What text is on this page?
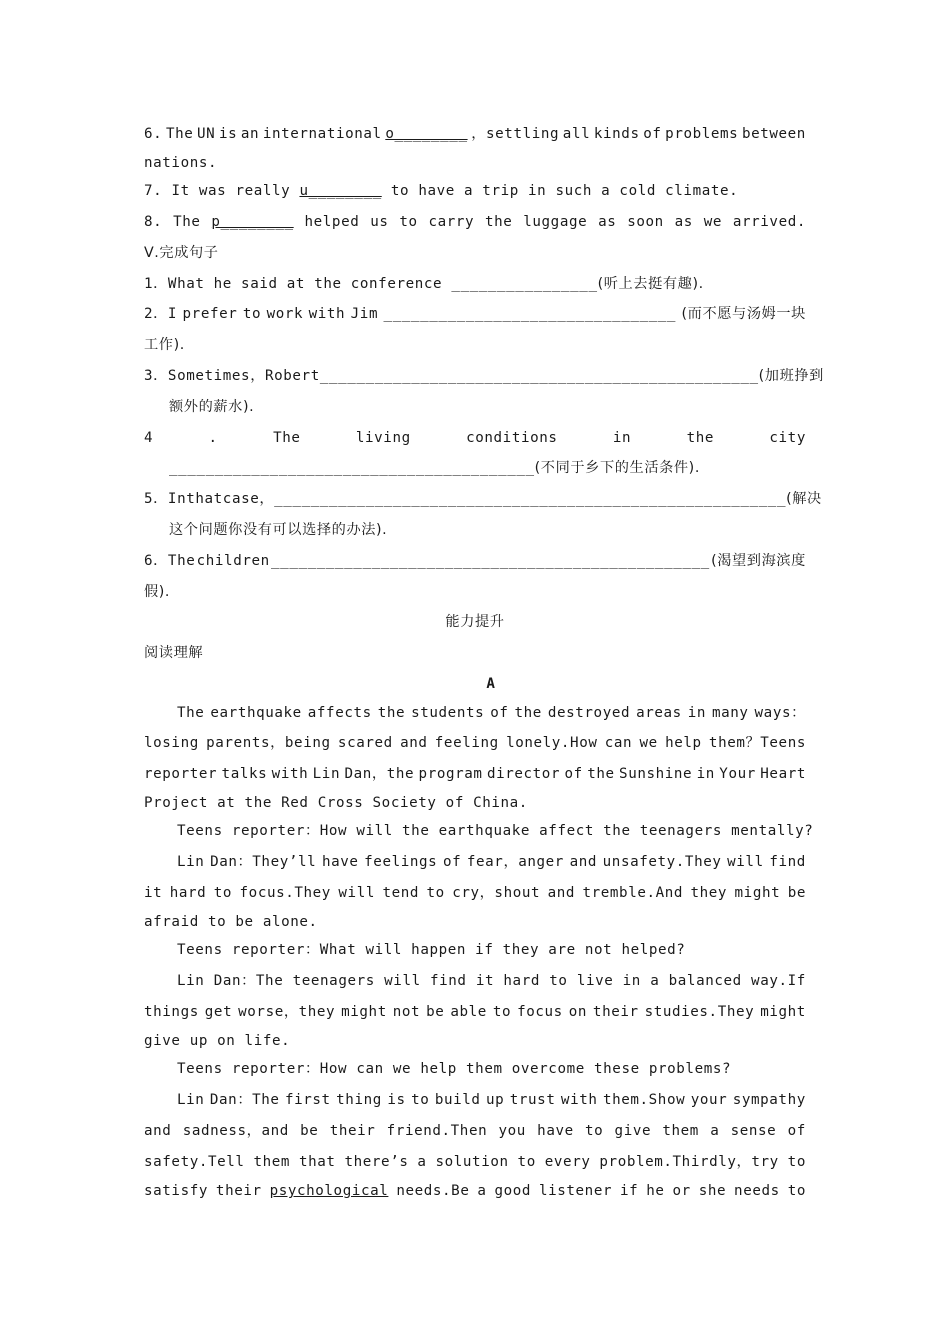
6. The UN is an international o________ ，settling all kinds of problems between
nations.
7. It was really u________ to have a trip in such a cold climate.
8. The p________ helped us to carry the luggage as soon as we arrived.
Ⅴ.完成句子
1．What he said at the conference ________________ (听上去挺有趣).
2．I prefer to work with Jim ________________________________ (而不愿与汤姆一块
工作).
3．Sometimes，Robert ________________________________________________ (加班挣到
额外的薪水).
4	.	The	living	conditions	in	the	city
________________________________________(不同于乡下的生活条件).
5．In that case，________________________________________________________ (解决
这个问题你没有可以选择的办法).
6．The children ________________________________________________ (渴望到海滨度
假).
能力提升
阅读理解
A
The earthquake affects the students of the destroyed areas in many ways：
losing parents，being scared and feeling lonely.How can we help them？Teens
reporter talks with Lin Dan，the program director of the Sunshine in Your Heart
Project at the Red Cross Society of China.
Teens reporter：How will the earthquake affect the teenagers mentally?
Lin Dan：They’ll have feelings of fear，anger and unsafety.They will find
it hard to focus.They will tend to cry，shout and tremble.And they might be
afraid to be alone.
Teens reporter：What will happen if they are not helped?
Lin Dan：The teenagers will find it hard to live in a balanced way.If
things get worse，they might not be able to focus on their studies.They might
give up on life.
Teens reporter：How can we help them overcome these problems?
Lin Dan：The first thing is to build up trust with them.Show your sympathy
and sadness，and be their friend.Then you have to give them a sense of
safety.Tell them that there’s a solution to every problem.Thirdly，try to
satisfy their psychological needs.Be a good listener if he or she needs to
